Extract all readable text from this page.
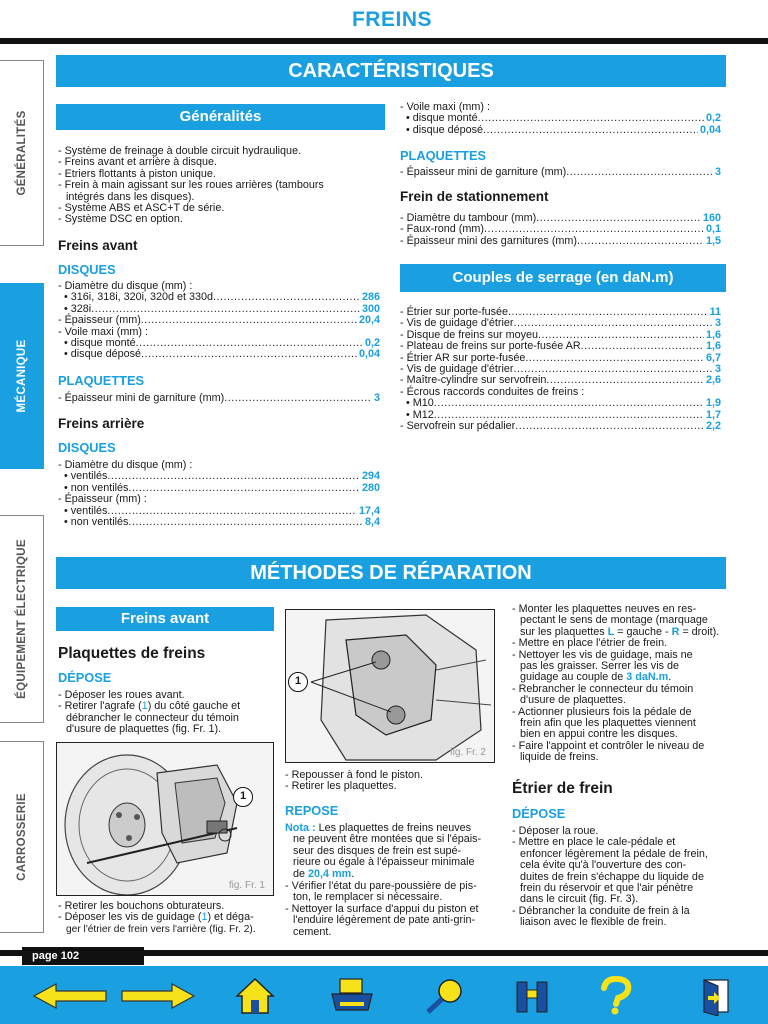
FREINS
GÉNÉRALITÉS
MÉCANIQUE
ÉQUIPEMENT ÉLECTRIQUE
CARROSSERIE
CARACTÉRISTIQUES
Généralités

- Système de freinage à double circuit hydraulique.

- Freins avant et arrière à disque.

- Étriers flottants à piston unique.

- Frein à main agissant sur les roues arrières (tambours

intégrés dans les disques).

- Système ABS et ASC+T de série.

- Système DSC en option.

Freins avant
DISQUES
- Diamètre du disque (mm) :
• 316i, 318i, 320i, 320d et 330d .....	286
• 328i .....	300
- Épaisseur (mm) .....	20,4
- Voile maxi (mm) :
• disque monté .....	0,2
• disque déposé .....	0,04
PLAQUETTES
- Épaisseur mini de garniture (mm) .....	3
Freins arrière
DISQUES
- Diamètre du disque (mm) :
• ventilés .....	294
• non ventilés .....	280
- Épaisseur (mm) :
• ventilés .....	17,4
• non ventilés .....	8,4
- Voile maxi (mm) :
• disque monté .....	0,2
• disque déposé .....	0,04
PLAQUETTES
- Épaisseur mini de garniture (mm) .....	3
Frein de stationnement
- Diamètre du tambour (mm) .....	160
- Faux-rond (mm) .....	0,1
- Épaisseur mini des garnitures (mm) .....	1,5
Couples de serrage (en daN.m)
- Étrier sur porte-fusée .....	11
- Vis de guidage d'étrier .....	3
- Disque de freins sur moyeu .....	1,6
- Plateau de freins sur porte-fusée AR .....	1,6
- Étrier AR sur porte-fusée .....	6,7
- Vis de guidage d'étrier .....	3
- Maître-cylindre sur servofrein .....	2,6
- Écrous raccords conduites de freins :
• M10 .....	1,9
• M12 .....	1,7
- Servofrein sur pédalier .....	2,2
MÉTHODES DE RÉPARATION
Freins avant
Plaquettes de freins
DÉPOSE

- Déposer les roues avant.

- Retirer l'agrafe (1) du côté gauche et

débrancher le connecteur du témoin

d'usure de plaquettes (fig. Fr. 1).

1
fig. Fr. 1

- Retirer les bouchons obturateurs.

- Déposer les vis de guidage (1) et déga-

ger l'étrier de frein vers l'arrière (fig. Fr. 2).

1
fig. Fr. 2

- Repousser à fond le piston.

- Retirer les plaquettes.

REPOSE

Nota : Les plaquettes de freins neuves

ne peuvent être montées que si l'épais-

seur des disques de frein est supé-

rieure ou égale à l'épaisseur minimale

de 20,4 mm.

- Vérifier l'état du pare-poussière de pis-

ton, le remplacer si nécessaire.

- Nettoyer la surface d'appui du piston et

l'enduire légèrement de pate anti-grin-

cement.

- Monter les plaquettes neuves en res-

pectant le sens de montage (marquage

sur les plaquettes L = gauche - R = droit).

- Mettre en place l'étrier de frein.

- Nettoyer les vis de guidage, mais ne

pas les graisser. Serrer les vis de

guidage au couple de 3 daN.m.

- Rebrancher le connecteur du témoin

d'usure de plaquettes.

- Actionner plusieurs fois la pédale de

frein afin que les plaquettes viennent

bien en appui contre les disques.

- Faire l'appoint et contrôler le niveau de

liquide de freins.

Étrier de frein
DÉPOSE

- Déposer la roue.

- Mettre en place le cale-pédale et

enfoncer légèrement la pédale de frein,

cela évite qu'à l'ouverture des con-

duites de frein s'échappe du liquide de

frein du réservoir et que l'air pénètre

dans le circuit (fig. Fr. 3).

- Débrancher la conduite de frein à la

liaison avec le flexible de frein.

page 102
